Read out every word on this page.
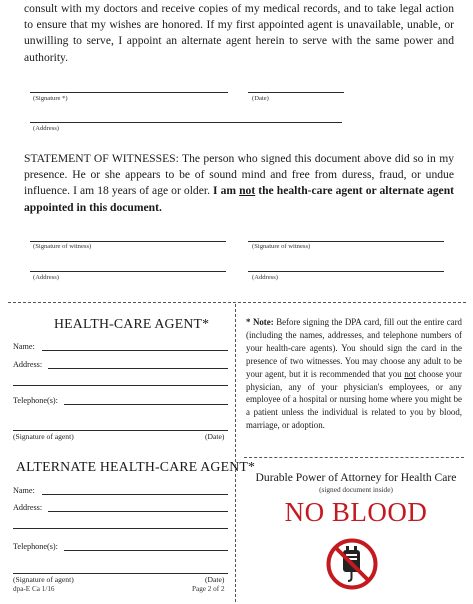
consult with my doctors and receive copies of my medical records, and to take legal action to ensure that my wishes are honored. If my first appointed agent is unavailable, unable, or unwilling to serve, I appoint an alternate agent herein to serve with the same power and authority.

(Signature *)	(Date)
(Address)

STATEMENT OF WITNESSES: The person who signed this document above did so in my presence. He or she appears to be of sound mind and free from duress, fraud, or undue influence. I am 18 years of age or older. I am not the health-care agent or alternate agent appointed in this document.

(Signature of witness)	(Signature of witness)
(Address)	(Address)
HEALTH-CARE AGENT*
Name:
Address:
Telephone(s):
(Signature of agent)	(Date)
ALTERNATE HEALTH-CARE AGENT*
Name:
Address:
Telephone(s):
(Signature of agent)	(Date)

* Note: Before signing the DPA card, fill out the entire card (including the names, addresses, and telephone numbers of your health-care agents). You should sign the card in the presence of two witnesses. You may choose any adult to be your agent, but it is recommended that you not choose your physician, any of your physician's employees, or any employee of a hospital or nursing home where you might be a patient unless the individual is related to you by blood, marriage, or adoption.

Durable Power of Attorney for Health Care
(signed document inside)
NO BLOOD
dpa-E Ca 1/16	Page 2 of 2
